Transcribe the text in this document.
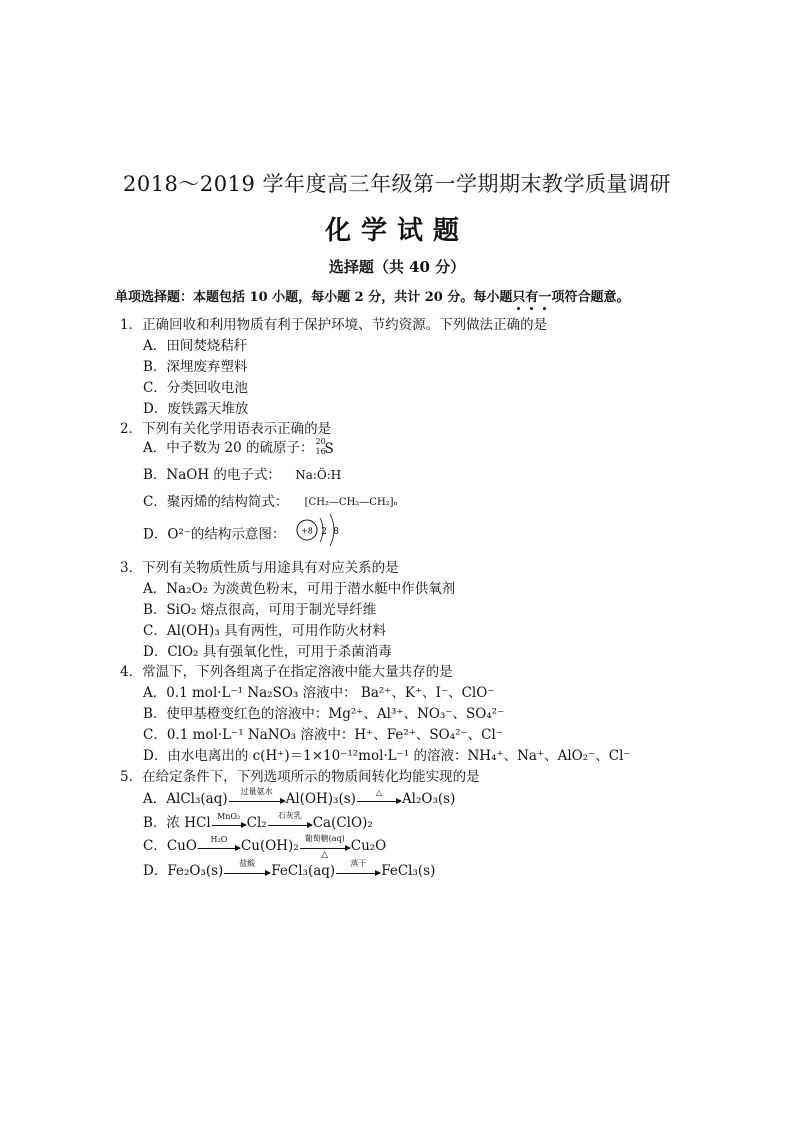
2018～2019 学年度高三年级第一学期期末教学质量调研
化学试题
选择题（共 40 分）
单项选择题：本题包括 10 小题，每小题 2 分，共计 20 分。每小题只有一项符合题意。
1．正确回收和利用物质有利于保护环境、节约资源。下列做法正确的是
A．田间焚烧秸秆
B．深埋废弃塑料
C．分类回收电池
D．废铁露天堆放
2．下列有关化学用语表示正确的是
A．中子数为 20 的硫原子： 20
16
S
B．NaOH 的电子式： Na:Ö:H
C．聚丙烯的结构简式： [CH₂—CH₂—CH₂]ₙ
D．O²⁻的结构示意图： +8 2 8
3．下列有关物质性质与用途具有对应关系的是
A．Na₂O₂ 为淡黄色粉末，可用于潜水艇中作供氧剂
B．SiO₂ 熔点很高，可用于制光导纤维
C．Al(OH)₃ 具有两性，可用作防火材料
D．ClO₂ 具有强氧化性，可用于杀菌消毒
4．常温下，下列各组离子在指定溶液中能大量共存的是
A．0.1 mol·L⁻¹ Na₂SO₃ 溶液中： Ba²⁺、K⁺、I⁻、ClO⁻
B．使甲基橙变红色的溶液中：Mg²⁺、Al³⁺、NO₃⁻、SO₄²⁻
C．0.1 mol·L⁻¹ NaNO₃ 溶液中：H⁺、Fe²⁺、SO₄²⁻、Cl⁻
D．由水电离出的 c(H⁺)＝1×10⁻¹²mol·L⁻¹ 的溶液：NH₄⁺、Na⁺、AlO₂⁻、Cl⁻
5．在给定条件下，下列选项所示的物质间转化均能实现的是
A．AlCl₃(aq)	过量氨水 Al(OH)₃(s)	△	Al₂O₃(s)
B．浓 HCl MnO₂ Cl₂	石灰乳 Ca(ClO)₂
C．CuO	H₂O	Cu(OH)₂ 葡萄糖(aq)
△
Cu₂O
D．Fe₂O₃(s)	盐酸	FeCl₃(aq)	蒸干	FeCl₃(s)
